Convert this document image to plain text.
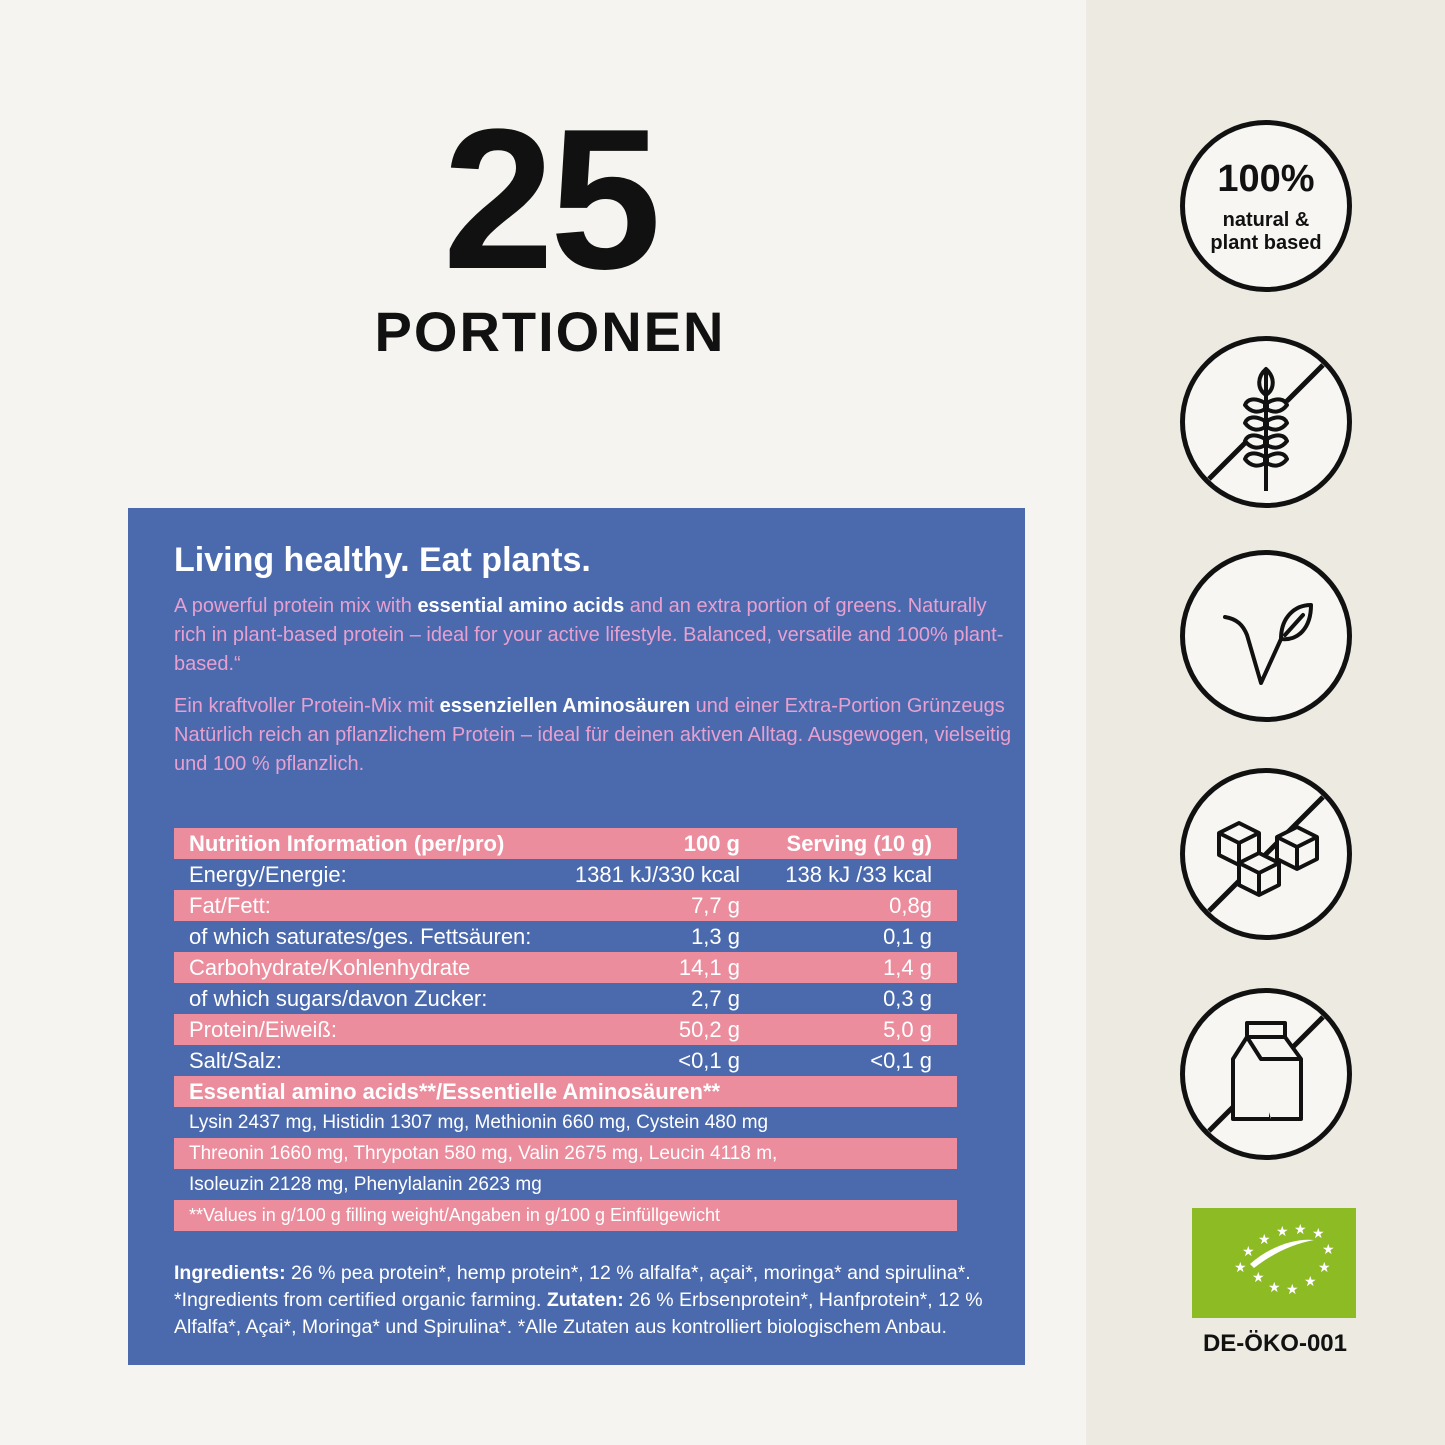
25
PORTIONEN
Living healthy. Eat plants.
A powerful protein mix with essential amino acids and an extra portion of greens. Naturally rich in plant-based protein – ideal for your active lifestyle. Balanced, versatile and 100% plant-based.“
Ein kraftvoller Protein-Mix mit essenziellen Aminosäuren und einer Extra-Portion Grünzeugs Natürlich reich an pflanzlichem Protein – ideal für deinen aktiven Alltag. Ausgewogen, vielseitig und 100 % pflanzlich.
Nutrition Information (per/pro)	100 g	Serving (10 g)
Energy/Energie:	1381 kJ/330 kcal	138 kJ /33 kcal
Fat/Fett:	7,7 g	0,8g
of which saturates/ges. Fettsäuren:	1,3 g	0,1 g
Carbohydrate/Kohlenhydrate	14,1 g	1,4 g
of which sugars/davon Zucker:	2,7 g	0,3 g
Protein/Eiweiß:	50,2 g	5,0 g
Salt/Salz:	<0,1 g	<0,1 g
Essential amino acids**/Essentielle Aminosäuren**
Lysin 2437 mg, Histidin 1307 mg, Methionin 660 mg, Cystein 480 mg
Threonin 1660 mg, Thrypotan 580 mg, Valin 2675 mg, Leucin 4118 m,
Isoleuzin 2128 mg, Phenylalanin 2623 mg
**Values in g/100 g filling weight/Angaben in g/100 g Einfüllgewicht
Ingredients: 26 % pea protein*, hemp protein*, 12 % alfalfa*, açai*, moringa* and spirulina*. *Ingredients from certified organic farming. Zutaten: 26 % Erbsenprotein*, Hanfprotein*, 12 % Alfalfa*, Açai*, Moringa* und Spirulina*. *Alle Zutaten aus kontrolliert biologischem Anbau.
100%
natural &
plant based
★
★ ★ ★ ★
★
★
★
★
★
★
★
DE-ÖKO-001
